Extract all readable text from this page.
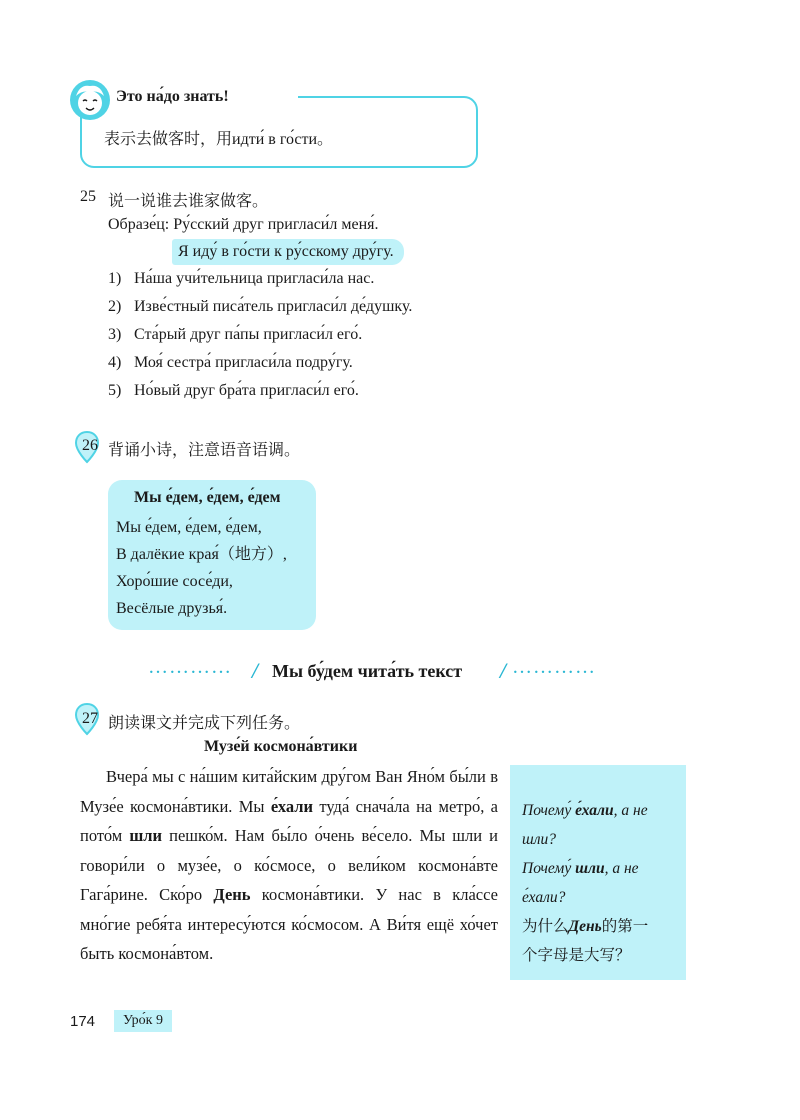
Это на́до знать!
表示去做客时，用идти́ в го́сти。
25 说一说谁去谁家做客。
Образе́ц: Ру́сский друг пригласи́л меня́.
Я иду́ в го́сти к ру́сскому дру́гу.
1) На́ша учи́тельница пригласи́ла нас.
2) Изве́стный писа́тель пригласи́л де́душку.
3) Ста́рый друг па́пы пригласи́л его́.
4) Моя́ сестра́ пригласи́ла подру́гу.
5) Но́вый друг бра́та пригласи́л его́.
26 背诵小诗，注意语音语调。
Мы е́дем, е́дем, е́дем
Мы е́дем, е́дем, е́дем,
В далёкие края́（地方）,
Хоро́шие сосе́ди,
Весёлые друзья́.
………… / Мы бу́дем чита́ть текст / …………
27 朗读课文并完成下列任务。
Музе́й космона́втики
Вчера́ мы с на́шим кита́йским дру́гом Ван Яно́м бы́ли в Музе́е космона́втики. Мы е́хали туда́ снача́ла на метро́, а пото́м шли пешко́м. Нам бы́ло о́чень ве́село. Мы шли и говори́ли о музе́е, о ко́смосе, о вели́ком космона́вте Гага́рине. Ско́ро День космона́втики. У нас в кла́ссе мно́гие ребя́та интересу́ются ко́смосом. А Ви́тя ещё хо́чет быть космона́втом.
Почему́ е́хали, а не
шли?
Почему́ шли, а не
е́хали?
为什么День的第一
个字母是大写？
174	Уро́к 9
